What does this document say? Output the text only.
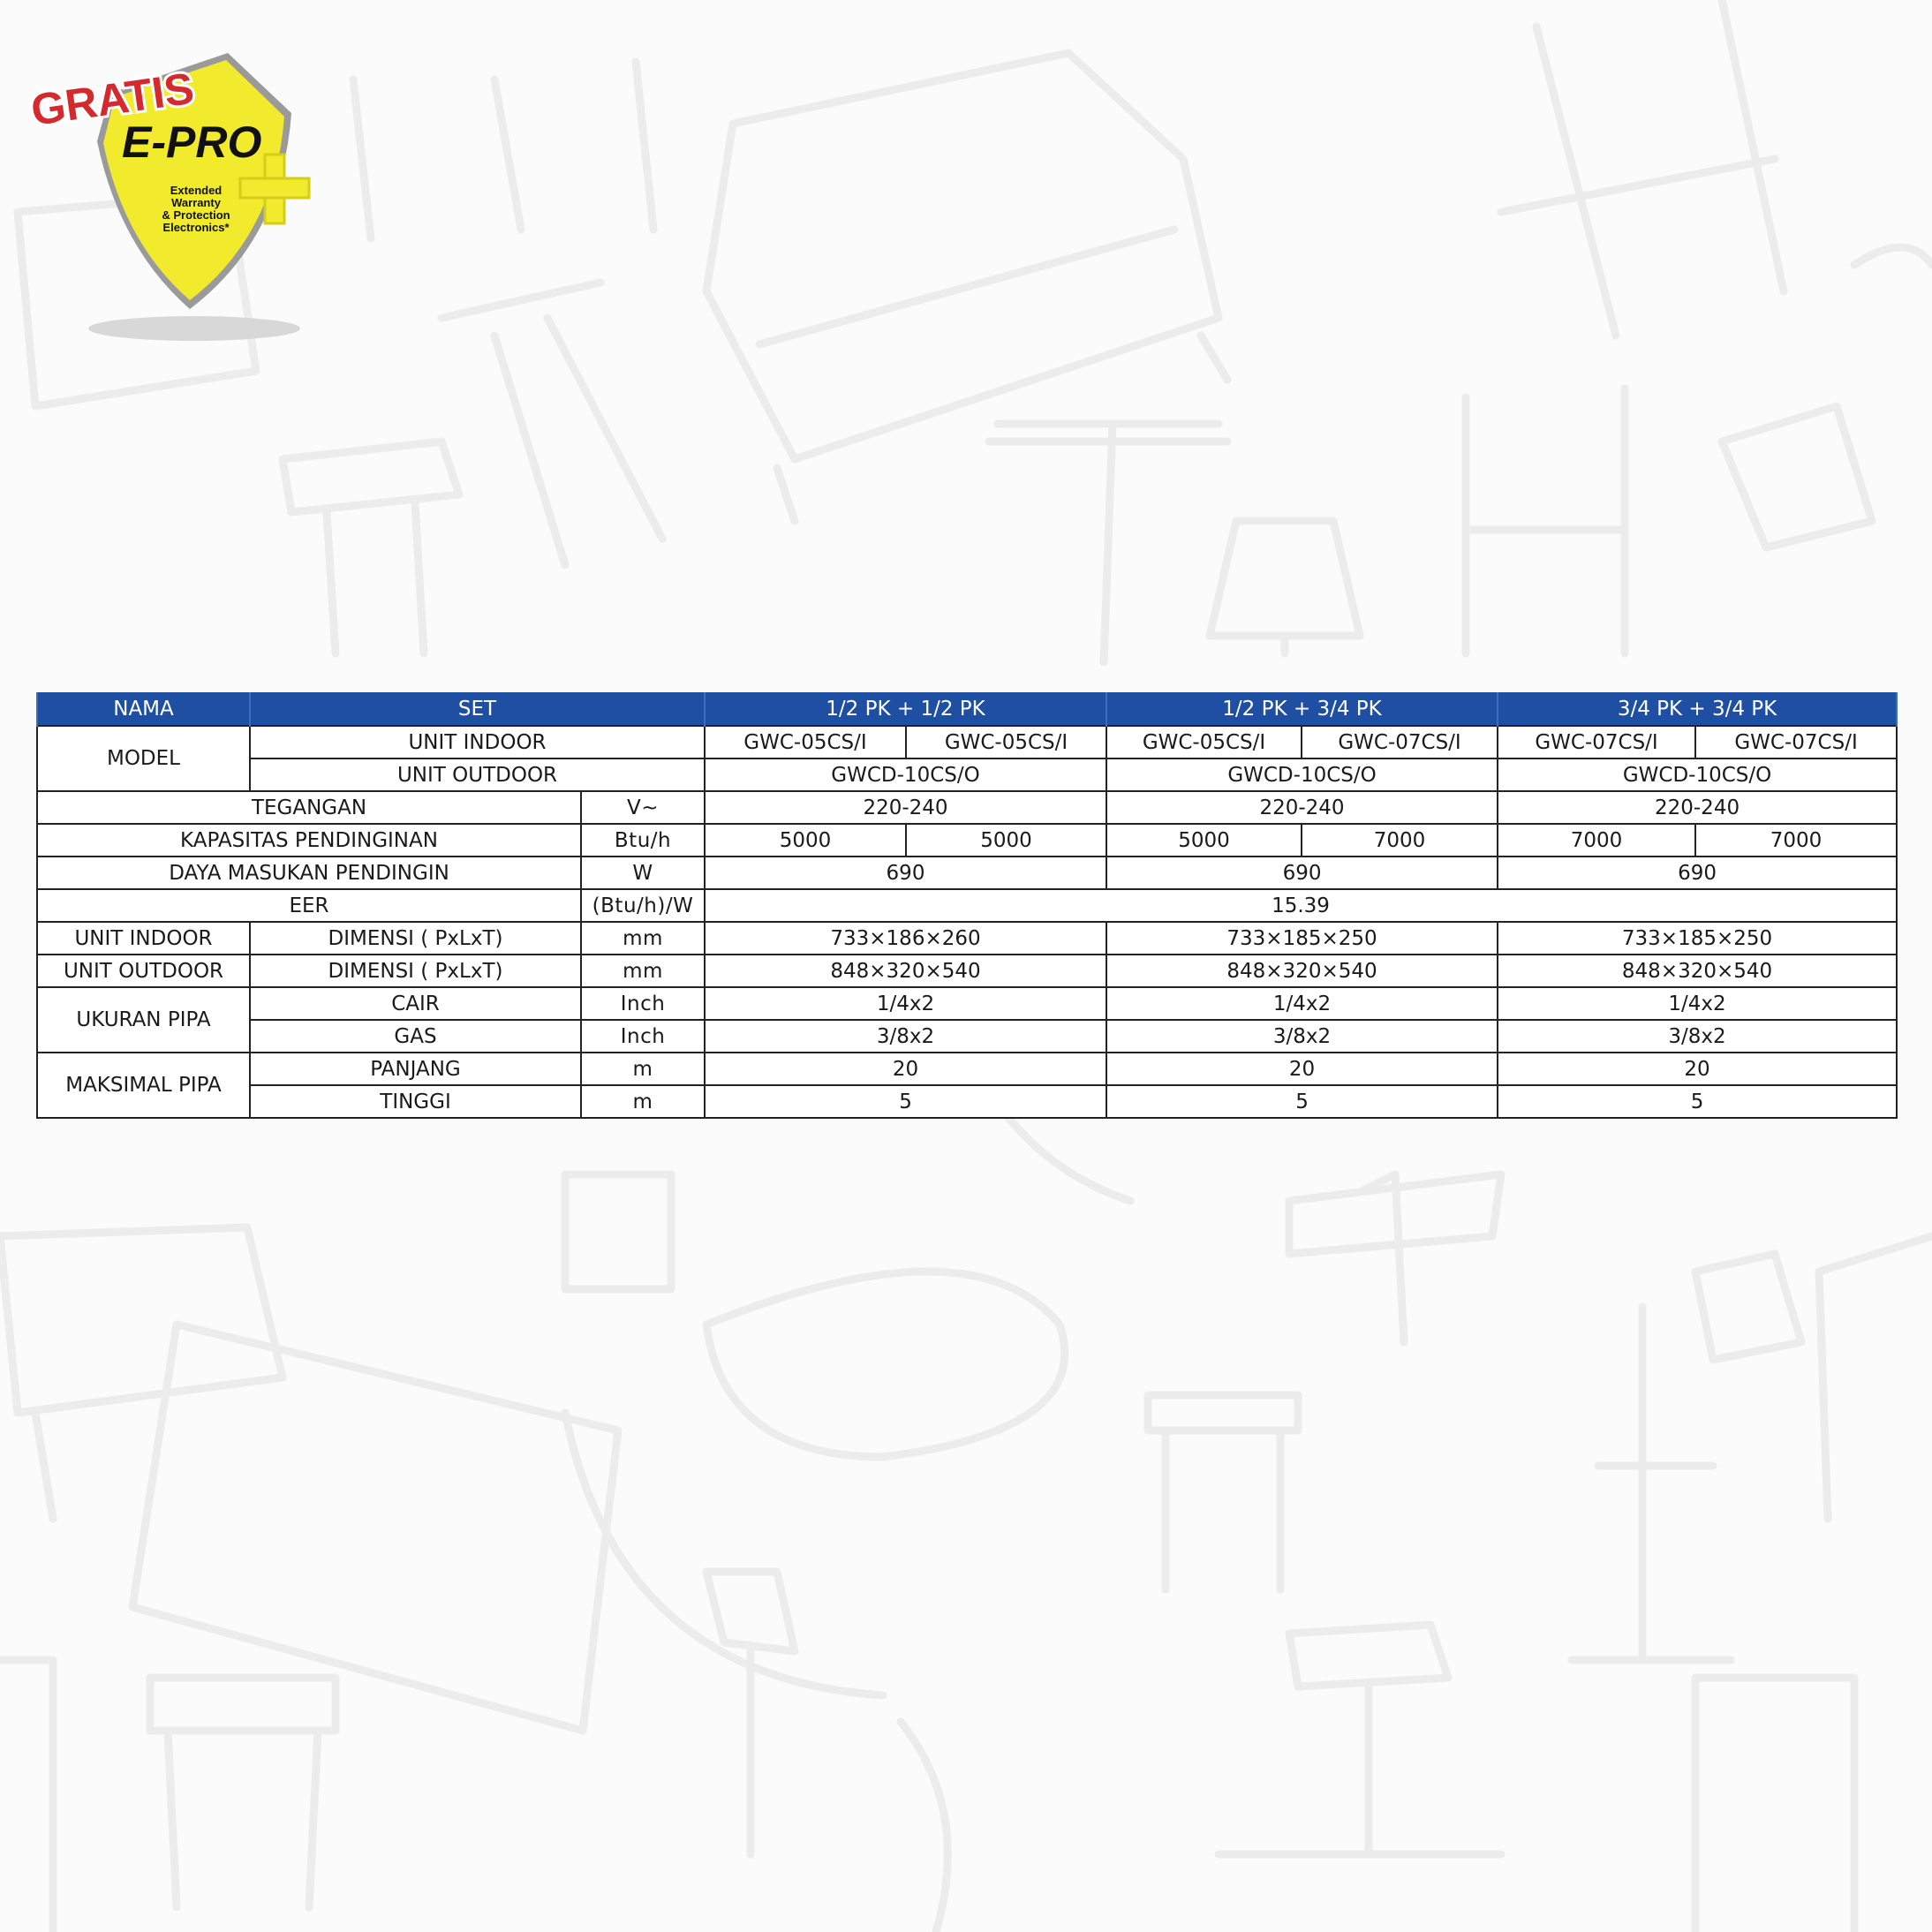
GRATIS
E-PRO
Extended
Warranty
& Protection
Electronics*
NAMA	SET		1/2 PK + 1/2 PK		1/2 PK + 3/4 PK		3/4 PK + 3/4 PK	
MODEL	UNIT INDOOR		GWC-05CS/I	GWC-05CS/I	GWC-05CS/I	GWC-07CS/I	GWC-07CS/I	GWC-07CS/I
	UNIT OUTDOOR		GWCD-10CS/O		GWCD-10CS/O		GWCD-10CS/O	
TEGANGAN		V~	220-240		220-240		220-240	
KAPASITAS PENDINGINAN		Btu/h	5000	5000	5000	7000	7000	7000
DAYA MASUKAN PENDINGIN		W	690		690		690	
EER		(Btu/h)/W	15.39					
UNIT INDOOR	DIMENSI ( PxLxT)	mm	733×186×260		733×185×250		733×185×250	
UNIT OUTDOOR	DIMENSI ( PxLxT)	mm	848×320×540		848×320×540		848×320×540	
UKURAN PIPA	CAIR	Inch	1/4x2		1/4x2		1/4x2	
	GAS	Inch	3/8x2		3/8x2		3/8x2	
MAKSIMAL PIPA	PANJANG	m	20		20		20	
	TINGGI	m	5		5		5	
